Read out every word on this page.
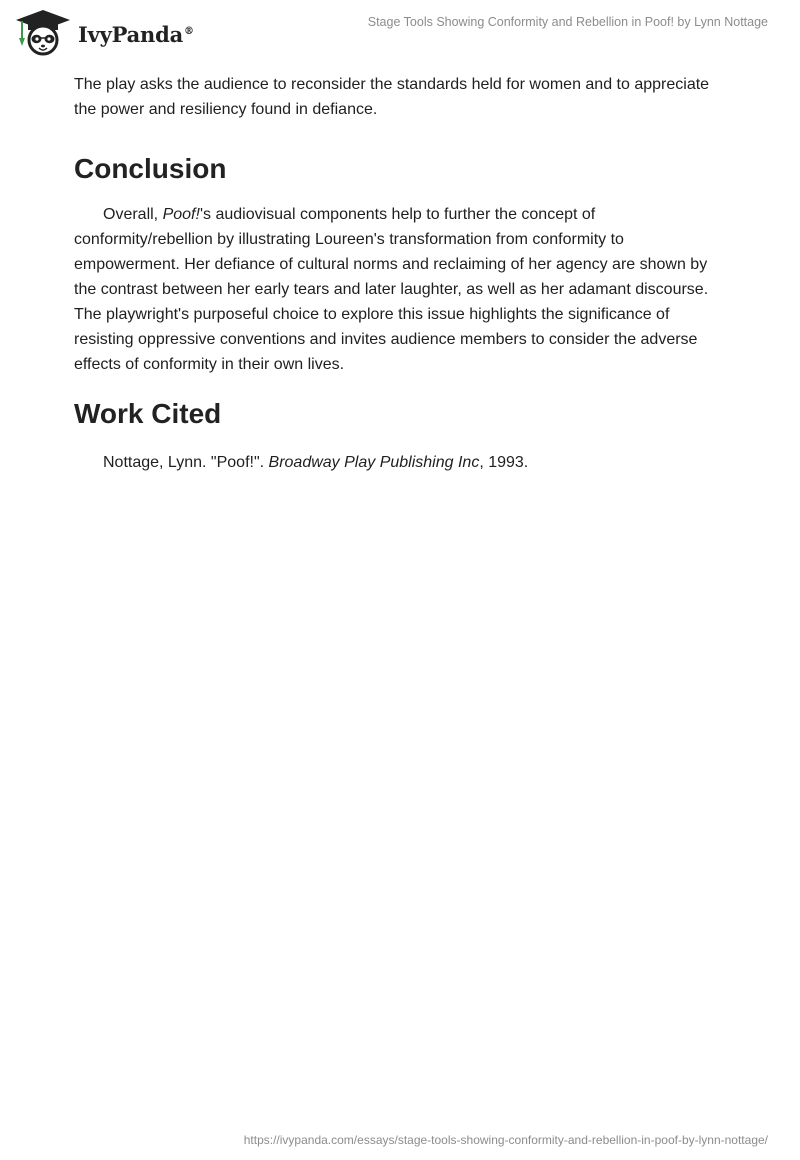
IvyPanda®
Stage Tools Showing Conformity and Rebellion in Poof! by Lynn Nottage

The play asks the audience to reconsider the standards held for women and to appreciate the power and resiliency found in defiance.

Conclusion

Overall, Poof!'s audiovisual components help to further the concept of conformity/rebellion by illustrating Loureen's transformation from conformity to empowerment. Her defiance of cultural norms and reclaiming of her agency are shown by the contrast between her early tears and later laughter, as well as her adamant discourse. The playwright's purposeful choice to explore this issue highlights the significance of resisting oppressive conventions and invites audience members to consider the adverse effects of conformity in their own lives.

Work Cited

Nottage, Lynn. "Poof!". Broadway Play Publishing Inc, 1993.

https://ivypanda.com/essays/stage-tools-showing-conformity-and-rebellion-in-poof-by-lynn-nottage/
